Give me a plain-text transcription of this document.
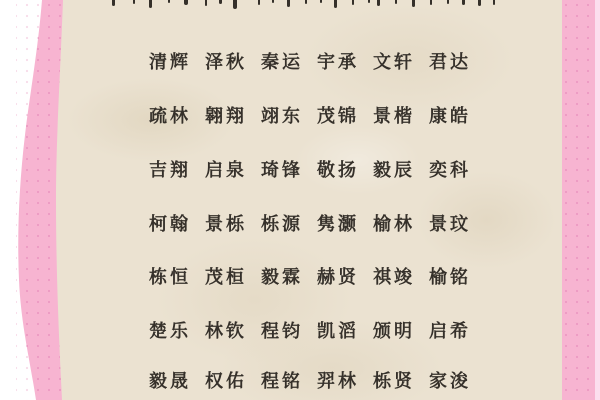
清辉 泽秋 秦运 宇承 文轩 君达
疏林 翱翔 翊东 茂锦 景楷 康皓
吉翔 启泉 琦锋 敬扬 毅辰 奕科
柯翰 景栎 栎源 隽灏 榆林 景玟
栋恒 茂桓 毅霖 赫贤 祺竣 榆铭
楚乐 林钦 程钧 凯滔 颁明 启希
毅晟 权佑 程铭 羿林 栎贤 家浚
